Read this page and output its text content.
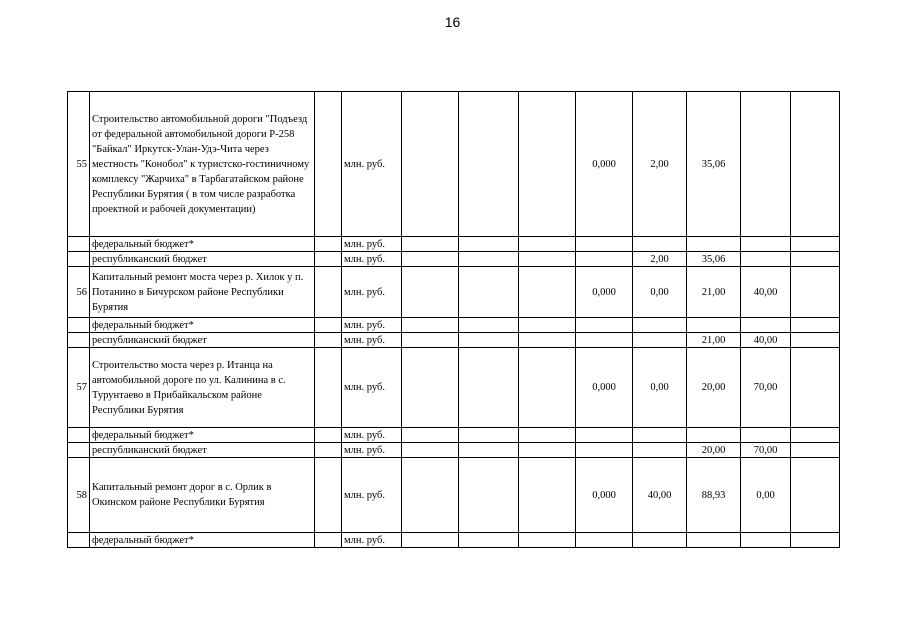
16
55	Строительство автомобильной дороги "Подъезд от федеральной автомобильной дороги Р-258 "Байкал" Иркутск-Улан-Удэ-Чита через местность "Конобол" к туристско-гостиничному комплексу "Жарчиха" в Тарбагатайском районе Республики Бурятия ( в том числе разработка проектной и рабочей документации)		млн. руб.				0,000	2,00	35,06		
	федеральный бюджет*		млн. руб.								
	республиканский бюджет		млн. руб.					2,00	35,06		
56	Капитальный ремонт моста через р. Хилок у п. Потанино в Бичурском районе Республики Бурятия		млн. руб.				0,000	0,00	21,00	40,00	
	федеральный бюджет*		млн. руб.								
	республиканский бюджет		млн. руб.						21,00	40,00	
57	Строительство моста через р. Итанца на автомобильной дороге по ул. Калинина в с. Турунтаево в Прибайкальском районе Республики Бурятия		млн. руб.				0,000	0,00	20,00	70,00	
	федеральный бюджет*		млн. руб.								
	республиканский бюджет		млн. руб.						20,00	70,00	
58	Капитальный ремонт дорог в с. Орлик в Окинском районе Республики Бурятия		млн. руб.				0,000	40,00	88,93	0,00	
	федеральный бюджет*		млн. руб.								
